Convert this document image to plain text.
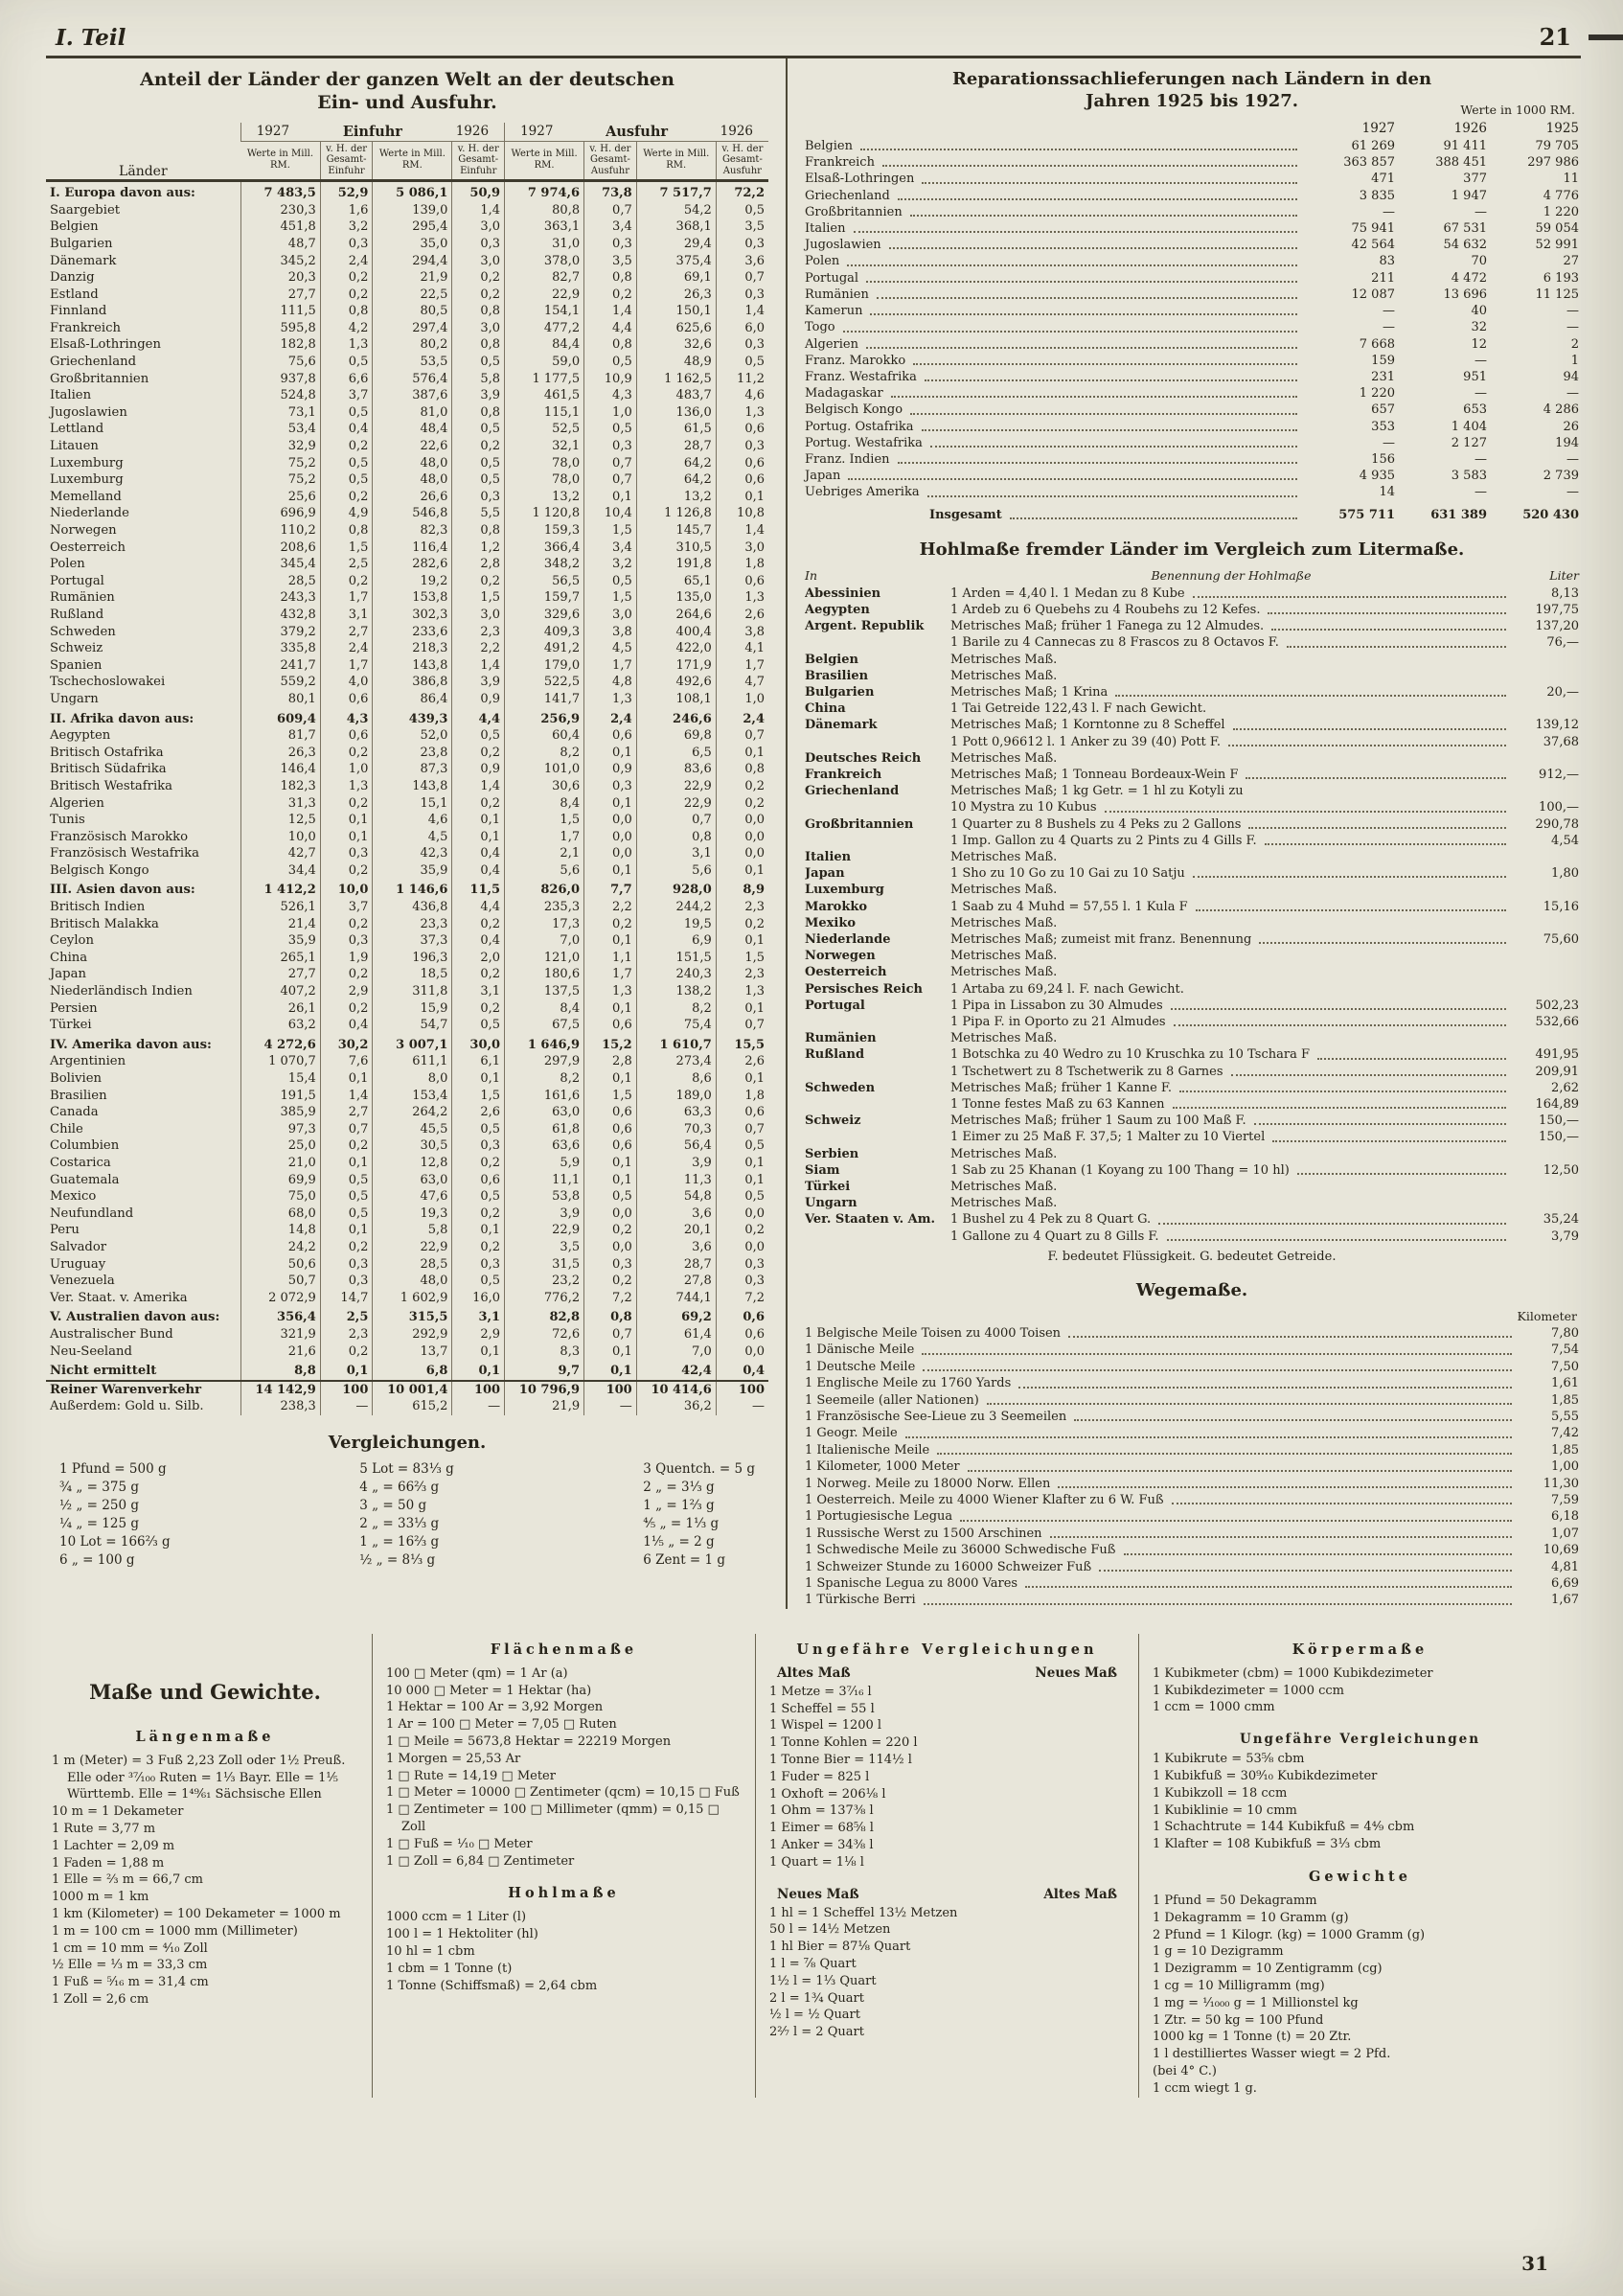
I. Teil	21
Anteil der Länder der ganzen Welt an der deutschen
Ein- und Ausfuhr.
Länder	1927 Einfuhr 1926				1927 Ausfuhr 1926			

	Werte in Mill. RM.	v. H. der Gesamt-Einfuhr	Werte in Mill. RM.	v. H. der Gesamt-Einfuhr	Werte in Mill. RM.	v. H. der Gesamt-Ausfuhr	Werte in Mill. RM.	v. H. der Gesamt-Ausfuhr
I. Europa davon aus:	7 483,5	52,9	5 086,1	50,9	7 974,6	73,8	7 517,7	72,2
Saargebiet	230,3	1,6	139,0	1,4	80,8	0,7	54,2	0,5
Belgien	451,8	3,2	295,4	3,0	363,1	3,4	368,1	3,5
Bulgarien	48,7	0,3	35,0	0,3	31,0	0,3	29,4	0,3
Dänemark	345,2	2,4	294,4	3,0	378,0	3,5	375,4	3,6
Danzig	20,3	0,2	21,9	0,2	82,7	0,8	69,1	0,7
Estland	27,7	0,2	22,5	0,2	22,9	0,2	26,3	0,3
Finnland	111,5	0,8	80,5	0,8	154,1	1,4	150,1	1,4
Frankreich	595,8	4,2	297,4	3,0	477,2	4,4	625,6	6,0
Elsaß-Lothringen	182,8	1,3	80,2	0,8	84,4	0,8	32,6	0,3
Griechenland	75,6	0,5	53,5	0,5	59,0	0,5	48,9	0,5
Großbritannien	937,8	6,6	576,4	5,8	1 177,5	10,9	1 162,5	11,2
Italien	524,8	3,7	387,6	3,9	461,5	4,3	483,7	4,6
Jugoslawien	73,1	0,5	81,0	0,8	115,1	1,0	136,0	1,3
Lettland	53,4	0,4	48,4	0,5	52,5	0,5	61,5	0,6
Litauen	32,9	0,2	22,6	0,2	32,1	0,3	28,7	0,3
Luxemburg	75,2	0,5	48,0	0,5	78,0	0,7	64,2	0,6
Luxemburg	75,2	0,5	48,0	0,5	78,0	0,7	64,2	0,6
Memelland	25,6	0,2	26,6	0,3	13,2	0,1	13,2	0,1
Niederlande	696,9	4,9	546,8	5,5	1 120,8	10,4	1 126,8	10,8
Norwegen	110,2	0,8	82,3	0,8	159,3	1,5	145,7	1,4
Oesterreich	208,6	1,5	116,4	1,2	366,4	3,4	310,5	3,0
Polen	345,4	2,5	282,6	2,8	348,2	3,2	191,8	1,8
Portugal	28,5	0,2	19,2	0,2	56,5	0,5	65,1	0,6
Rumänien	243,3	1,7	153,8	1,5	159,7	1,5	135,0	1,3
Rußland	432,8	3,1	302,3	3,0	329,6	3,0	264,6	2,6
Schweden	379,2	2,7	233,6	2,3	409,3	3,8	400,4	3,8
Schweiz	335,8	2,4	218,3	2,2	491,2	4,5	422,0	4,1
Spanien	241,7	1,7	143,8	1,4	179,0	1,7	171,9	1,7
Tschechoslowakei	559,2	4,0	386,8	3,9	522,5	4,8	492,6	4,7
Ungarn	80,1	0,6	86,4	0,9	141,7	1,3	108,1	1,0
II. Afrika davon aus:	609,4	4,3	439,3	4,4	256,9	2,4	246,6	2,4
Aegypten	81,7	0,6	52,0	0,5	60,4	0,6	69,8	0,7
Britisch Ostafrika	26,3	0,2	23,8	0,2	8,2	0,1	6,5	0,1
Britisch Südafrika	146,4	1,0	87,3	0,9	101,0	0,9	83,6	0,8
Britisch Westafrika	182,3	1,3	143,8	1,4	30,6	0,3	22,9	0,2
Algerien	31,3	0,2	15,1	0,2	8,4	0,1	22,9	0,2
Tunis	12,5	0,1	4,6	0,1	1,5	0,0	0,7	0,0
Französisch Marokko	10,0	0,1	4,5	0,1	1,7	0,0	0,8	0,0
Französisch Westafrika	42,7	0,3	42,3	0,4	2,1	0,0	3,1	0,0
Belgisch Kongo	34,4	0,2	35,9	0,4	5,6	0,1	5,6	0,1
III. Asien davon aus:	1 412,2	10,0	1 146,6	11,5	826,0	7,7	928,0	8,9
Britisch Indien	526,1	3,7	436,8	4,4	235,3	2,2	244,2	2,3
Britisch Malakka	21,4	0,2	23,3	0,2	17,3	0,2	19,5	0,2
Ceylon	35,9	0,3	37,3	0,4	7,0	0,1	6,9	0,1
China	265,1	1,9	196,3	2,0	121,0	1,1	151,5	1,5
Japan	27,7	0,2	18,5	0,2	180,6	1,7	240,3	2,3
Niederländisch Indien	407,2	2,9	311,8	3,1	137,5	1,3	138,2	1,3
Persien	26,1	0,2	15,9	0,2	8,4	0,1	8,2	0,1
Türkei	63,2	0,4	54,7	0,5	67,5	0,6	75,4	0,7
IV. Amerika davon aus:	4 272,6	30,2	3 007,1	30,0	1 646,9	15,2	1 610,7	15,5
Argentinien	1 070,7	7,6	611,1	6,1	297,9	2,8	273,4	2,6
Bolivien	15,4	0,1	8,0	0,1	8,2	0,1	8,6	0,1
Brasilien	191,5	1,4	153,4	1,5	161,6	1,5	189,0	1,8
Canada	385,9	2,7	264,2	2,6	63,0	0,6	63,3	0,6
Chile	97,3	0,7	45,5	0,5	61,8	0,6	70,3	0,7
Columbien	25,0	0,2	30,5	0,3	63,6	0,6	56,4	0,5
Costarica	21,0	0,1	12,8	0,2	5,9	0,1	3,9	0,1
Guatemala	69,9	0,5	63,0	0,6	11,1	0,1	11,3	0,1
Mexico	75,0	0,5	47,6	0,5	53,8	0,5	54,8	0,5
Neufundland	68,0	0,5	19,3	0,2	3,9	0,0	3,6	0,0
Peru	14,8	0,1	5,8	0,1	22,9	0,2	20,1	0,2
Salvador	24,2	0,2	22,9	0,2	3,5	0,0	3,6	0,0
Uruguay	50,6	0,3	28,5	0,3	31,5	0,3	28,7	0,3
Venezuela	50,7	0,3	48,0	0,5	23,2	0,2	27,8	0,3
Ver. Staat. v. Amerika	2 072,9	14,7	1 602,9	16,0	776,2	7,2	744,1	7,2
V. Australien davon aus:	356,4	2,5	315,5	3,1	82,8	0,8	69,2	0,6
Australischer Bund	321,9	2,3	292,9	2,9	72,6	0,7	61,4	0,6
Neu-Seeland	21,6	0,2	13,7	0,1	8,3	0,1	7,0	0,0
Nicht ermittelt	8,8	0,1	6,8	0,1	9,7	0,1	42,4	0,4
Reiner Warenverkehr	14 142,9	100	10 001,4	100	10 796,9	100	10 414,6	100
Außerdem: Gold u. Silb.	238,3	—	615,2	—	21,9	—	36,2	—
Vergleichungen.
1 Pfund = 500 g
¾ „ = 375 g
½ „ = 250 g
¼ „ = 125 g
10 Lot = 166⅔ g
6 „ = 100 g
5 Lot = 83⅓ g
4 „ = 66⅔ g
3 „ = 50 g
2 „ = 33⅓ g
1 „ = 16⅔ g
½ „ = 8⅓ g
3 Quentch. = 5 g
2 „ = 3⅓ g
1 „ = 1⅔ g
⅘ „ = 1⅓ g
1⅕ „ = 2 g
6 Zent = 1 g
Reparationssachlieferungen nach Ländern in den
Jahren 1925 bis 1927.	Werte in 1000 RM.
1927	1926	1925
Belgien	61 269	91 411	79 705
Frankreich	363 857	388 451	297 986
Elsaß-Lothringen	471	377	11
Griechenland	3 835	1 947	4 776
Großbritannien	—	—	1 220
Italien	75 941	67 531	59 054
Jugoslawien	42 564	54 632	52 991
Polen	83	70	27
Portugal	211	4 472	6 193
Rumänien	12 087	13 696	11 125
Kamerun	—	40	—
Togo	—	32	—
Algerien	7 668	12	2
Franz. Marokko	159	—	1
Franz. Westafrika	231	951	94
Madagaskar	1 220	—	—
Belgisch Kongo	657	653	4 286
Portug. Ostafrika	353	1 404	26
Portug. Westafrika	—	2 127	194
Franz. Indien	156	—	—
Japan	4 935	3 583	2 739
Uebriges Amerika	14	—	—
Insgesamt	575 711	631 389	520 430
Hohlmaße fremder Länder im Vergleich zum Litermaße.
In	Benennung der Hohlmaße	Liter
Abessinien	1 Arden = 4,40 l. 1 Medan zu 8 Kube	8,13
Aegypten	1 Ardeb zu 6 Quebehs zu 4 Roubehs zu 12 Kefes.	197,75
Argent. Republik	Metrisches Maß; früher 1 Fanega zu 12 Almudes.	137,20
1 Barile zu 4 Cannecas zu 8 Frascos zu 8 Octavos F.	76,—
Belgien	Metrisches Maß.
Brasilien	Metrisches Maß.
Bulgarien	Metrisches Maß; 1 Krina	20,—
China	1 Tai Getreide 122,43 l. F nach Gewicht.
Dänemark	Metrisches Maß; 1 Korntonne zu 8 Scheffel	139,12
1 Pott 0,96612 l. 1 Anker zu 39 (40) Pott F.	37,68
Deutsches Reich	Metrisches Maß.
Frankreich	Metrisches Maß; 1 Tonneau Bordeaux-Wein F	912,—
Griechenland	Metrisches Maß; 1 kg Getr. = 1 hl zu Kotyli zu
10 Mystra zu 10 Kubus	100,—
Großbritannien	1 Quarter zu 8 Bushels zu 4 Peks zu 2 Gallons	290,78
1 Imp. Gallon zu 4 Quarts zu 2 Pints zu 4 Gills F.	4,54
Italien	Metrisches Maß.
Japan	1 Sho zu 10 Go zu 10 Gai zu 10 Satju	1,80
Luxemburg	Metrisches Maß.
Marokko	1 Saab zu 4 Muhd = 57,55 l. 1 Kula F	15,16
Mexiko	Metrisches Maß.
Niederlande	Metrisches Maß; zumeist mit franz. Benennung	75,60
Norwegen	Metrisches Maß.
Oesterreich	Metrisches Maß.
Persisches Reich	1 Artaba zu 69,24 l. F. nach Gewicht.
Portugal	1 Pipa in Lissabon zu 30 Almudes	502,23
1 Pipa F. in Oporto zu 21 Almudes	532,66
Rumänien	Metrisches Maß.
Rußland	1 Botschka zu 40 Wedro zu 10 Kruschka zu 10 Tschara F	491,95
1 Tschetwert zu 8 Tschetwerik zu 8 Garnes	209,91
Schweden	Metrisches Maß; früher 1 Kanne F.	2,62
1 Tonne festes Maß zu 63 Kannen	164,89
Schweiz	Metrisches Maß; früher 1 Saum zu 100 Maß F.	150,—
1 Eimer zu 25 Maß F. 37,5; 1 Malter zu 10 Viertel	150,—
Serbien	Metrisches Maß.
Siam	1 Sab zu 25 Khanan (1 Koyang zu 100 Thang = 10 hl)	12,50
Türkei	Metrisches Maß.
Ungarn	Metrisches Maß.
Ver. Staaten v. Am.	1 Bushel zu 4 Pek zu 8 Quart G.	35,24
1 Gallone zu 4 Quart zu 8 Gills F.	3,79
F. bedeutet Flüssigkeit. G. bedeutet Getreide.
Wegemaße.
Kilometer
1 Belgische Meile Toisen zu 4000 Toisen	7,80
1 Dänische Meile	7,54
1 Deutsche Meile	7,50
1 Englische Meile zu 1760 Yards	1,61
1 Seemeile (aller Nationen)	1,85
1 Französische See-Lieue zu 3 Seemeilen	5,55
1 Geogr. Meile	7,42
1 Italienische Meile	1,85
1 Kilometer, 1000 Meter	1,00
1 Norweg. Meile zu 18000 Norw. Ellen	11,30
1 Oesterreich. Meile zu 4000 Wiener Klafter zu 6 W. Fuß	7,59
1 Portugiesische Legua	6,18
1 Russische Werst zu 1500 Arschinen	1,07
1 Schwedische Meile zu 36000 Schwedische Fuß	10,69
1 Schweizer Stunde zu 16000 Schweizer Fuß	4,81
1 Spanische Legua zu 8000 Vares	6,69
1 Türkische Berri	1,67
Maße und Gewichte.
Längenmaße
1 m (Meter) = 3 Fuß 2,23 Zoll oder 1½ Preuß. Elle oder ³⁷⁄₁₀₀ Ruten = 1⅓ Bayr. Elle = 1⅕ Württemb. Elle = 1⁴⁹⁄₆₁ Sächsische Ellen
10 m = 1 Dekameter
1 Rute = 3,77 m
1 Lachter = 2,09 m
1 Faden = 1,88 m
1 Elle = ⅔ m = 66,7 cm
1000 m = 1 km
1 km (Kilometer) = 100 Dekameter = 1000 m
1 m = 100 cm = 1000 mm (Millimeter)
1 cm = 10 mm = ⁴⁄₁₀ Zoll
½ Elle = ⅓ m = 33,3 cm
1 Fuß = ⁵⁄₁₆ m = 31,4 cm
1 Zoll = 2,6 cm
Flächenmaße
100 □ Meter (qm) = 1 Ar (a)
10 000 □ Meter = 1 Hektar (ha)
1 Hektar = 100 Ar = 3,92 Morgen
1 Ar = 100 □ Meter = 7,05 □ Ruten
1 □ Meile = 5673,8 Hektar = 22219 Morgen
1 Morgen = 25,53 Ar
1 □ Rute = 14,19 □ Meter
1 □ Meter = 10000 □ Zentimeter (qcm) = 10,15 □ Fuß
1 □ Zentimeter = 100 □ Millimeter (qmm) = 0,15 □ Zoll
1 □ Fuß = ¹⁄₁₀ □ Meter
1 □ Zoll = 6,84 □ Zentimeter
Hohlmaße
1000 ccm = 1 Liter (l)
100 l = 1 Hektoliter (hl)
10 hl = 1 cbm
1 cbm = 1 Tonne (t)
1 Tonne (Schiffsmaß) = 2,64 cbm
Ungefähre Vergleichungen
Altes Maß	Neues Maß
1 Metze = 3⁷⁄₁₆ l
1 Scheffel = 55 l
1 Wispel = 1200 l
1 Tonne Kohlen = 220 l
1 Tonne Bier = 114½ l
1 Fuder = 825 l
1 Oxhoft = 206⅛ l
1 Ohm = 137⅜ l
1 Eimer = 68⅝ l
1 Anker = 34⅜ l
1 Quart = 1⅛ l
Neues Maß	Altes Maß
1 hl = 1 Scheffel 13½ Metzen
50 l = 14½ Metzen
1 hl Bier = 87⅛ Quart
1 l = ⅞ Quart
1½ l = 1⅓ Quart
2 l = 1¾ Quart
½ l = ½ Quart
2²⁄₇ l = 2 Quart
Körpermaße
1 Kubikmeter (cbm) = 1000 Kubikdezimeter
1 Kubikdezimeter = 1000 ccm
1 ccm = 1000 cmm
Ungefähre Vergleichungen
1 Kubikrute = 53⅝ cbm
1 Kubikfuß = 30⁹⁄₁₀ Kubikdezimeter
1 Kubikzoll = 18 ccm
1 Kubiklinie = 10 cmm
1 Schachtrute = 144 Kubikfuß = 4⁴⁄₉ cbm
1 Klafter = 108 Kubikfuß = 3⅓ cbm
Gewichte
1 Pfund = 50 Dekagramm
1 Dekagramm = 10 Gramm (g)
2 Pfund = 1 Kilogr. (kg) = 1000 Gramm (g)
1 g = 10 Dezigramm
1 Dezigramm = 10 Zentigramm (cg)
1 cg = 10 Milligramm (mg)
1 mg = ¹⁄₁₀₀₀ g = 1 Millionstel kg
1 Ztr. = 50 kg = 100 Pfund
1000 kg = 1 Tonne (t) = 20 Ztr.
1 l destilliertes Wasser wiegt = 2 Pfd.
(bei 4° C.)
1 ccm wiegt 1 g.
31
